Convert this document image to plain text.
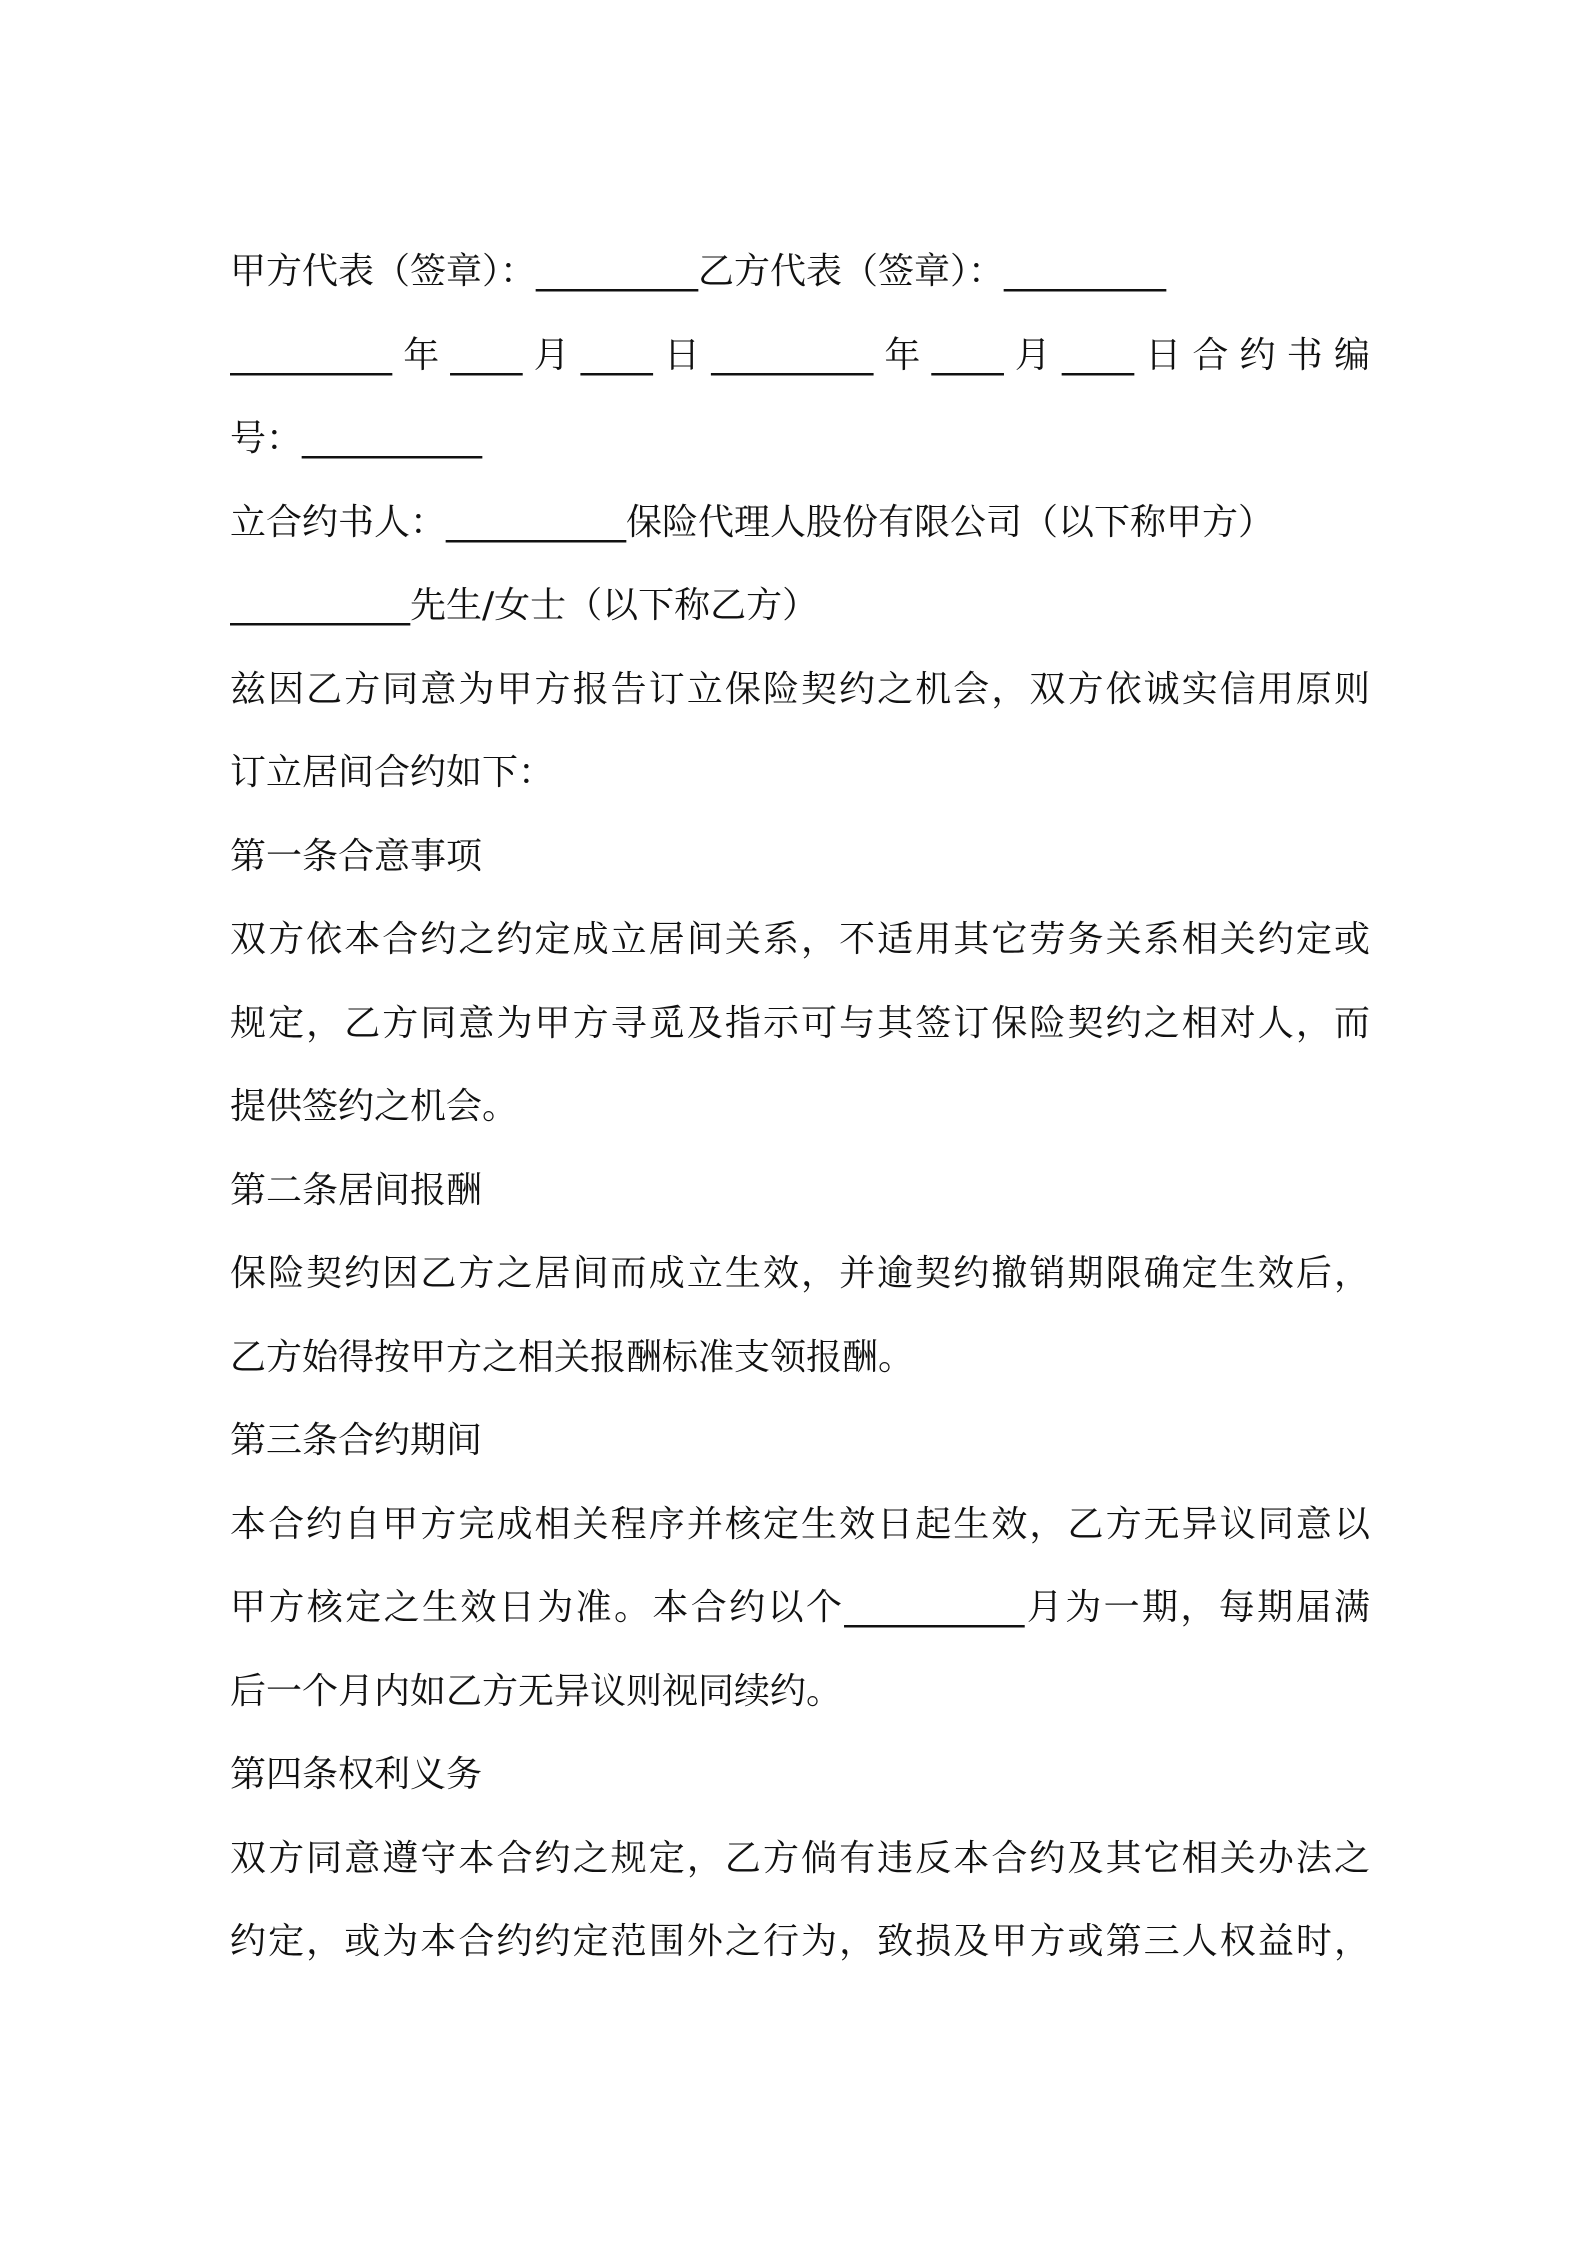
甲方代表（签章）：_________乙方代表（签章）：_________
_________年____月____日_________年____月____日合约书编
号：__________
立合约书人：__________保险代理人股份有限公司（以下称甲方）
__________先生/女士（以下称乙方）
兹因乙方同意为甲方报告订立保险契约之机会，双方依诚实信用原则
订立居间合约如下：
第一条合意事项
双方依本合约之约定成立居间关系，不适用其它劳务关系相关约定或
规定，乙方同意为甲方寻觅及指示可与其签订保险契约之相对人，而
提供签约之机会。
第二条居间报酬
保险契约因乙方之居间而成立生效，并逾契约撤销期限确定生效后，
乙方始得按甲方之相关报酬标准支领报酬。
第三条合约期间
本合约自甲方完成相关程序并核定生效日起生效，乙方无异议同意以
甲方核定之生效日为准。本合约以个__________月为一期，每期届满
后一个月内如乙方无异议则视同续约。
第四条权利义务
双方同意遵守本合约之规定，乙方倘有违反本合约及其它相关办法之
约定，或为本合约约定范围外之行为，致损及甲方或第三人权益时，
